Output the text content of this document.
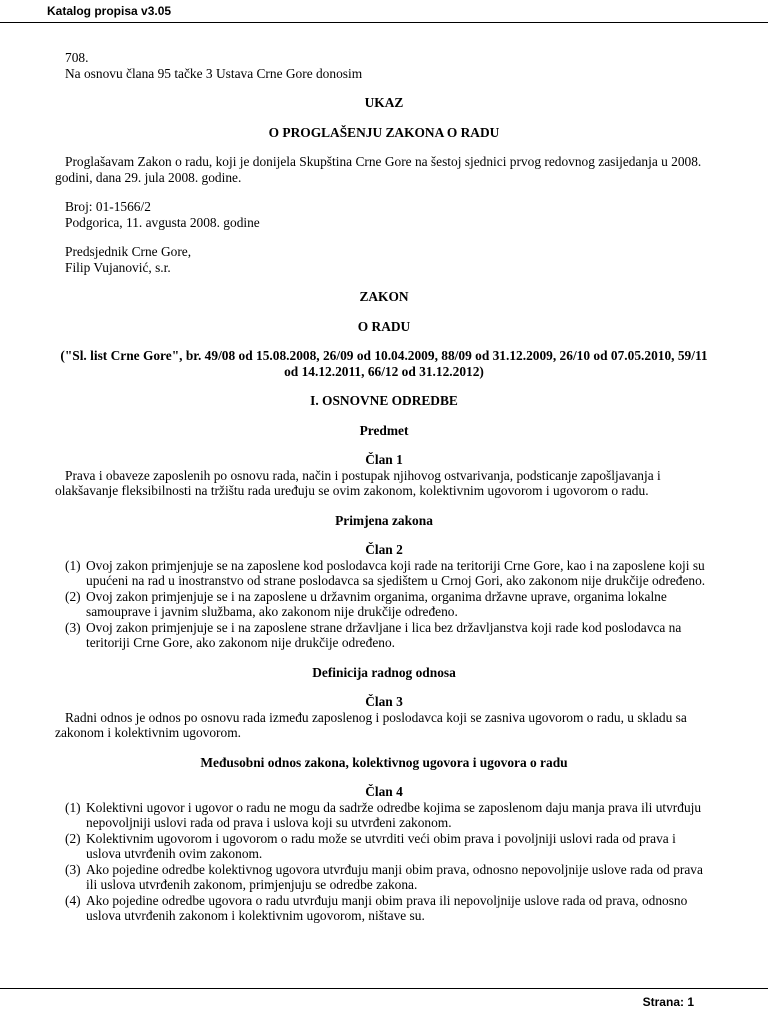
Katalog propisa v3.05

708.

Na osnovu člana 95 tačke 3 Ustava Crne Gore donosim

UKAZ

O PROGLAŠENJU ZAKONA O RADU

Proglašavam Zakon o radu, koji je donijela Skupština Crne Gore na šestoj sjednici prvog redovnog zasijedanja u 2008. godini, dana 29. jula 2008. godine.

Broj: 01-1566/2

Podgorica, 11. avgusta 2008. godine

Predsjednik Crne Gore,

Filip Vujanović, s.r.

ZAKON

O RADU

("Sl. list Crne Gore", br. 49/08 od 15.08.2008, 26/09 od 10.04.2009, 88/09 od 31.12.2009, 26/10 od 07.05.2010, 59/11 od 14.12.2011, 66/12 od 31.12.2012)

I. OSNOVNE ODREDBE

Predmet

Član 1

Prava i obaveze zaposlenih po osnovu rada, način i postupak njihovog ostvarivanja, podsticanje zapošljavanja i olakšavanje fleksibilnosti na tržištu rada uređuju se ovim zakonom, kolektivnim ugovorom i ugovorom o radu.

Primjena zakona

Član 2

(1) Ovoj zakon primjenjuje se na zaposlene kod poslodavca koji rade na teritoriji Crne Gore, kao i na zaposlene koji su upućeni na rad u inostranstvo od strane poslodavca sa sjedištem u Crnoj Gori, ako zakonom nije drukčije određeno.
(2) Ovoj zakon primjenjuje se i na zaposlene u državnim organima, organima državne uprave, organima lokalne samouprave i javnim službama, ako zakonom nije drukčije određeno.
(3) Ovoj zakon primjenjuje se i na zaposlene strane državljane i lica bez državljanstva koji rade kod poslodavca na teritoriji Crne Gore, ako zakonom nije drukčije određeno.

Definicija radnog odnosa

Član 3

Radni odnos je odnos po osnovu rada između zaposlenog i poslodavca koji se zasniva ugovorom o radu, u skladu sa zakonom i kolektivnim ugovorom.

Međusobni odnos zakona, kolektivnog ugovora i ugovora o radu

Član 4

(1) Kolektivni ugovor i ugovor o radu ne mogu da sadrže odredbe kojima se zaposlenom daju manja prava ili utvrđuju nepovoljniji uslovi rada od prava i uslova koji su utvrđeni zakonom.
(2) Kolektivnim ugovorom i ugovorom o radu može se utvrditi veći obim prava i povoljniji uslovi rada od prava i uslova utvrđenih ovim zakonom.
(3) Ako pojedine odredbe kolektivnog ugovora utvrđuju manji obim prava, odnosno nepovoljnije uslove rada od prava ili uslova utvrđenih zakonom, primjenjuju se odredbe zakona.
(4) Ako pojedine odredbe ugovora o radu utvrđuju manji obim prava ili nepovoljnije uslove rada od prava, odnosno uslova utvrđenih zakonom i kolektivnim ugovorom, ništave su.
Strana: 1
